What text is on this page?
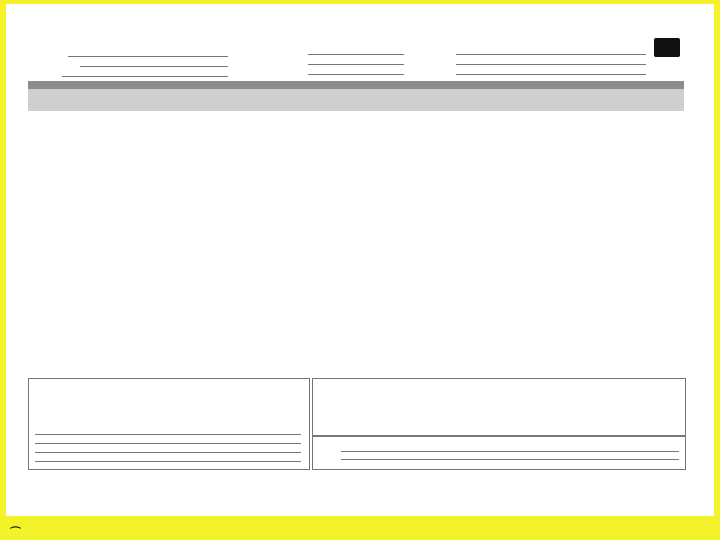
⌒
